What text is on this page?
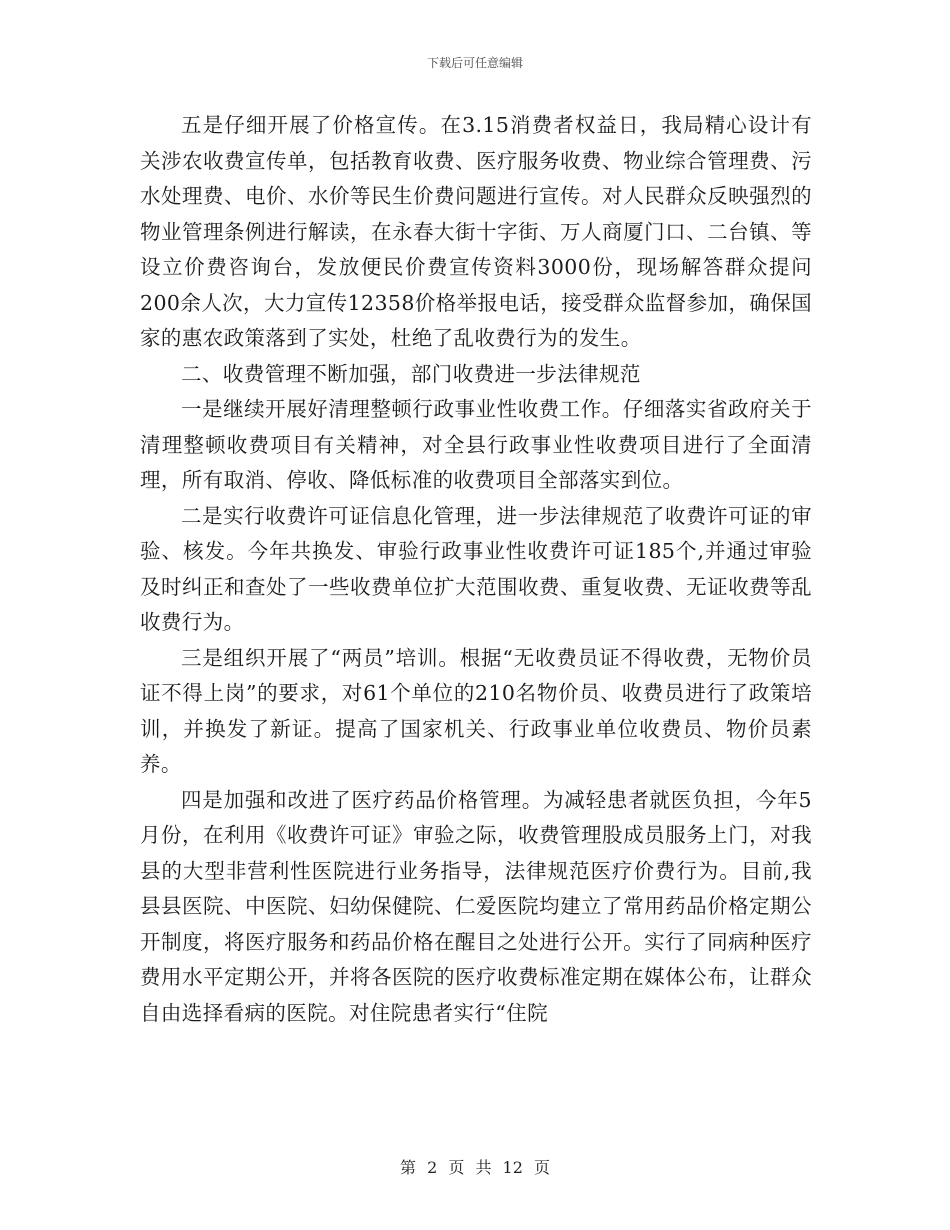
下载后可任意编辑

五是仔细开展了价格宣传。在3.15消费者权益日，我局精心设计有关涉农收费宣传单，包括教育收费、医疗服务收费、物业综合管理费、污水处理费、电价、水价等民生价费问题进行宣传。对人民群众反映强烈的物业管理条例进行解读，在永春大街十字街、万人商厦门口、二台镇、等设立价费咨询台，发放便民价费宣传资料3000份，现场解答群众提问200余人次，大力宣传12358价格举报电话，接受群众监督参加，确保国家的惠农政策落到了实处，杜绝了乱收费行为的发生。

二、收费管理不断加强，部门收费进一步法律规范

一是继续开展好清理整顿行政事业性收费工作。仔细落实省政府关于清理整顿收费项目有关精神，对全县行政事业性收费项目进行了全面清理，所有取消、停收、降低标准的收费项目全部落实到位。

二是实行收费许可证信息化管理，进一步法律规范了收费许可证的审验、核发。今年共换发、审验行政事业性收费许可证185个,并通过审验及时纠正和查处了一些收费单位扩大范围收费、重复收费、无证收费等乱收费行为。

三是组织开展了“两员”培训。根据“无收费员证不得收费，无物价员证不得上岗”的要求，对61个单位的210名物价员、收费员进行了政策培训，并换发了新证。提高了国家机关、行政事业单位收费员、物价员素养。

四是加强和改进了医疗药品价格管理。为减轻患者就医负担，今年5月份，在利用《收费许可证》审验之际，收费管理股成员服务上门，对我县的大型非营利性医院进行业务指导，法律规范医疗价费行为。目前,我县县医院、中医院、妇幼保健院、仁爱医院均建立了常用药品价格定期公开制度，将医疗服务和药品价格在醒目之处进行公开。实行了同病种医疗费用水平定期公开，并将各医院的医疗收费标准定期在媒体公布，让群众自由选择看病的医院。对住院患者实行“住院

第 2 页 共 12 页
